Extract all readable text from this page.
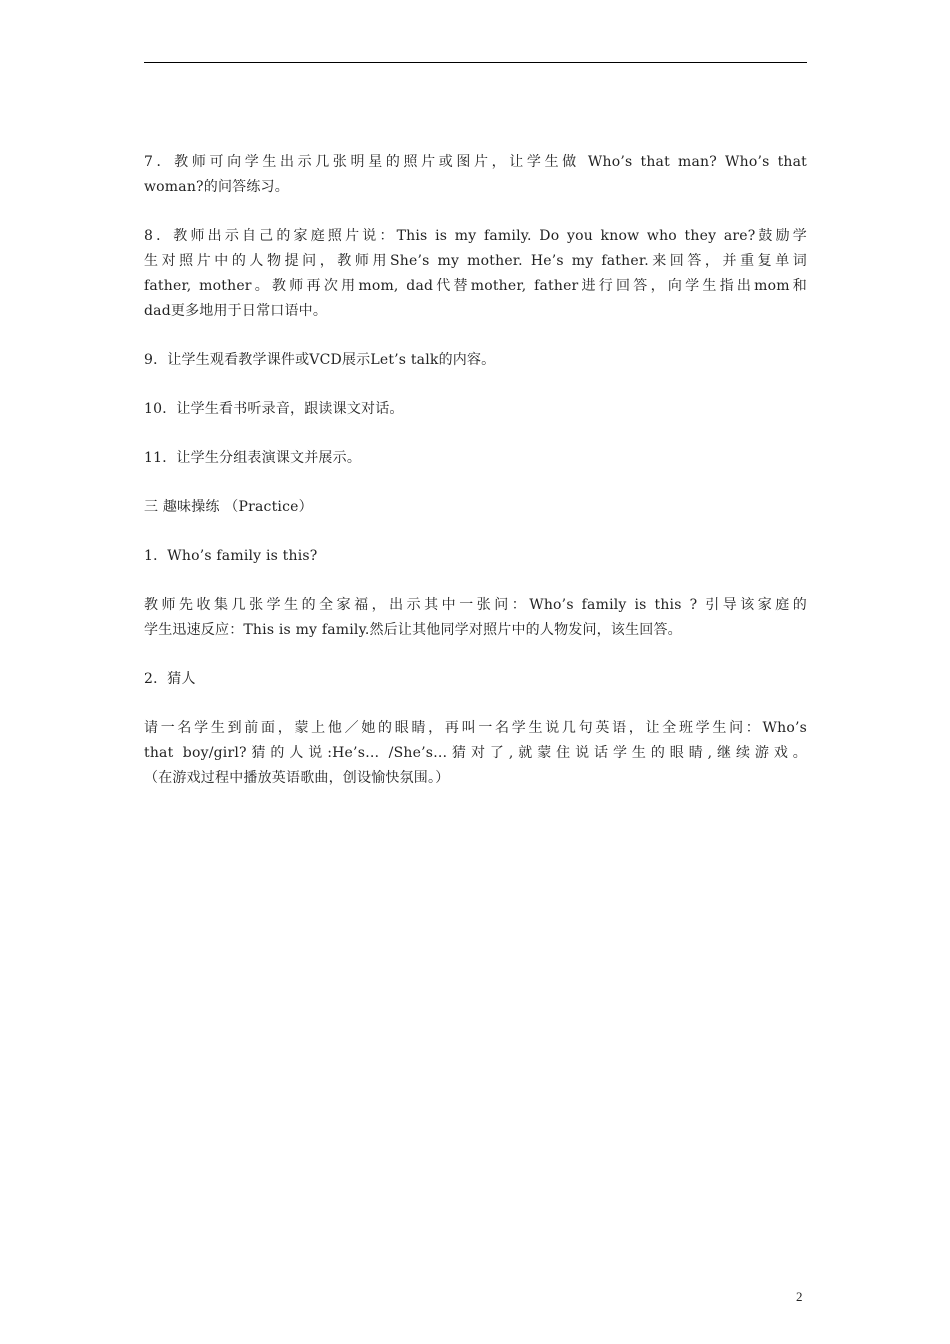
7．教师可向学生出示几张明星的照片或图片，让学生做 Who’s that man? Who’s that
woman?的问答练习。

8．教师出示自己的家庭照片说：This is my family. Do you know who they are?鼓励学
生对照片中的人物提问，教师用She’s my mother. He’s my father.来回答，并重复单词
father, mother。教师再次用mom, dad代替mother, father进行回答，向学生指出mom和
dad更多地用于日常口语中。

9．让学生观看教学课件或VCD展示Let’s talk的内容。

10．让学生看书听录音，跟读课文对话。

11．让学生分组表演课文并展示。

三 趣味操练 （Practice）

1．Who’s family is this?

教师先收集几张学生的全家福，出示其中一张问：Who’s family is this ? 引导该家庭的
学生迅速反应：This is my family.然后让其他同学对照片中的人物发问，该生回答。

2．猜人

请一名学生到前面，蒙上他／她的眼睛，再叫一名学生说几句英语，让全班学生问：Who’s
that boy/girl?猜的人说:He’s… /She’s…猜对了,就蒙住说话学生的眼睛,继续游戏。
（在游戏过程中播放英语歌曲，创设愉快氛围。）

2
